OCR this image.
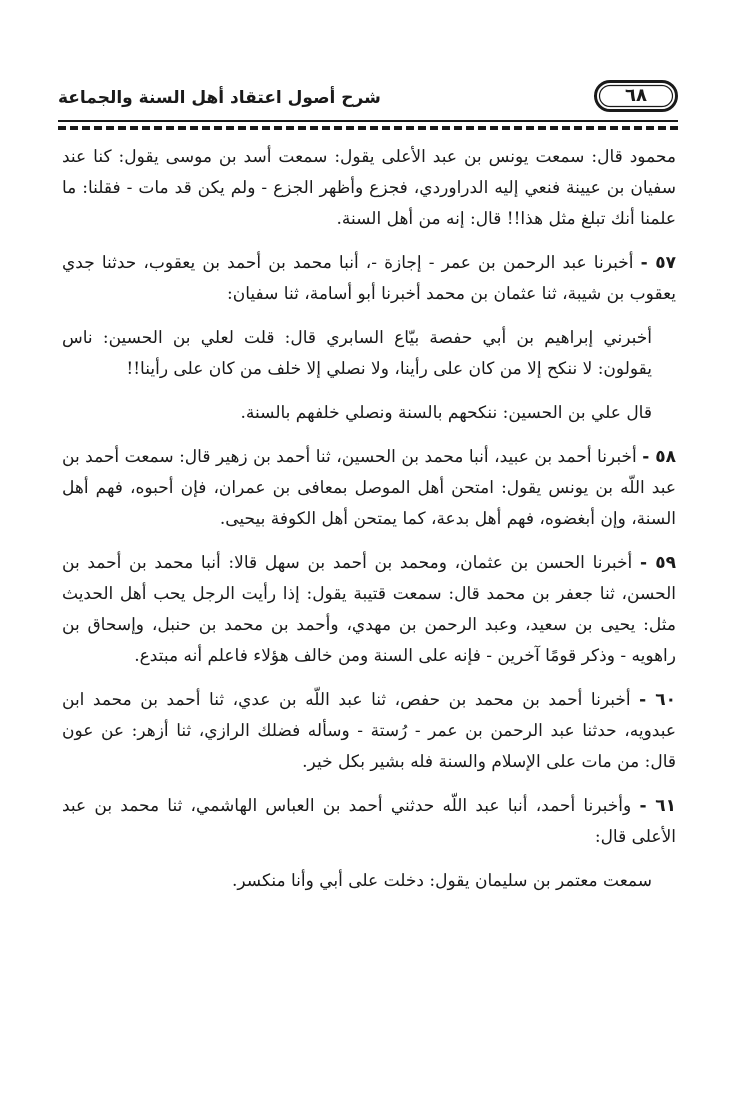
شرح أصول اعتقاد أهل السنة والجماعة	٦٨

محمود قال: سمعت يونس بن عبد الأعلى يقول: سمعت أسد بن موسى يقول: كنا عند سفيان بن عيينة فنعي إليه الدراوردي، فجزع وأظهر الجزع - ولم يكن قد مات - فقلنا: ما علمنا أنك تبلغ مثل هذا!! قال: إنه من أهل السنة.

٥٧ - أخبرنا عبد الرحمن بن عمر - إجازة -، أنبا محمد بن أحمد بن يعقوب، حدثنا جدي يعقوب بن شيبة، ثنا عثمان بن محمد أخبرنا أبو أسامة، ثنا سفيان:

أخبرني إبراهيم بن أبي حفصة بيّاع السابري قال: قلت لعلي بن الحسين: ناس يقولون: لا ننكح إلا من كان على رأينا، ولا نصلي إلا خلف من كان على رأينا!!

قال علي بن الحسين: ننكحهم بالسنة ونصلي خلفهم بالسنة.

٥٨ - أخبرنا أحمد بن عبيد، أنبا محمد بن الحسين، ثنا أحمد بن زهير قال: سمعت أحمد بن عبد اللّه بن يونس يقول: امتحن أهل الموصل بمعافى بن عمران، فإن أحبوه، فهم أهل السنة، وإن أبغضوه، فهم أهل بدعة، كما يمتحن أهل الكوفة بيحيى.

٥٩ - أخبرنا الحسن بن عثمان، ومحمد بن أحمد بن سهل قالا: أنبا محمد بن أحمد بن الحسن، ثنا جعفر بن محمد قال: سمعت قتيبة يقول: إذا رأيت الرجل يحب أهل الحديث مثل: يحيى بن سعيد، وعبد الرحمن بن مهدي، وأحمد بن محمد بن حنبل، وإسحاق بن راهويه - وذكر قومًا آخرين - فإنه على السنة ومن خالف هؤلاء فاعلم أنه مبتدع.

٦٠ - أخبرنا أحمد بن محمد بن حفص، ثنا عبد اللّه بن عدي، ثنا أحمد بن محمد ابن عبدويه، حدثنا عبد الرحمن بن عمر - رُستة - وسأله فضلك الرازي، ثنا أزهر: عن عون قال: من مات على الإسلام والسنة فله بشير بكل خير.

٦١ - وأخبرنا أحمد، أنبا عبد اللّه حدثني أحمد بن العباس الهاشمي، ثنا محمد بن عبد الأعلى قال:

سمعت معتمر بن سليمان يقول: دخلت على أبي وأنا منكسر.
